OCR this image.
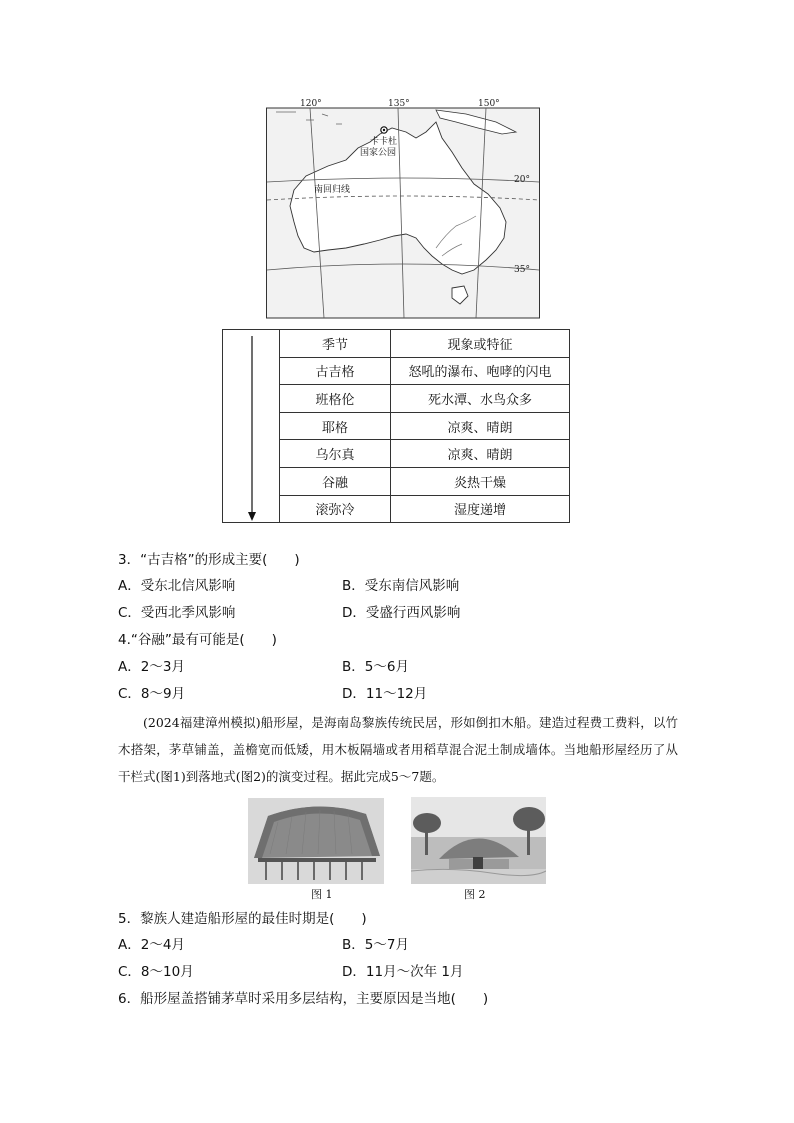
120°	135°	150°
20°
35°
卡卡杜
国家公园
南回归线
	季节	现象或特征
	古吉格	怒吼的瀑布、咆哮的闪电
	班格伦	死水潭、水鸟众多
	耶格	凉爽、晴朗
	乌尔真	凉爽、晴朗
	谷融	炎热干燥
	滚弥冷	湿度递增
3．“古吉格”的形成主要(　　)
A．受东北信风影响	B．受东南信风影响
C．受西北季风影响	D．受盛行西风影响
4.“谷融”最有可能是(　　)
A．2～3月	B．5～6月
C．8～9月	D．11～12月
(2024福建漳州模拟)船形屋，是海南岛黎族传统民居，形如倒扣木船。建造过程费工费料，以竹木搭架，茅草铺盖，盖檐宽而低矮，用木板隔墙或者用稻草混合泥土制成墙体。当地船形屋经历了从干栏式(图1)到落地式(图2)的演变过程。据此完成5～7题。
图 1	图 2
5．黎族人建造船形屋的最佳时期是(　　)
A．2～4月	B．5～7月
C．8～10月	D．11月～次年 1月
6．船形屋盖搭铺茅草时采用多层结构，主要原因是当地(　　)
